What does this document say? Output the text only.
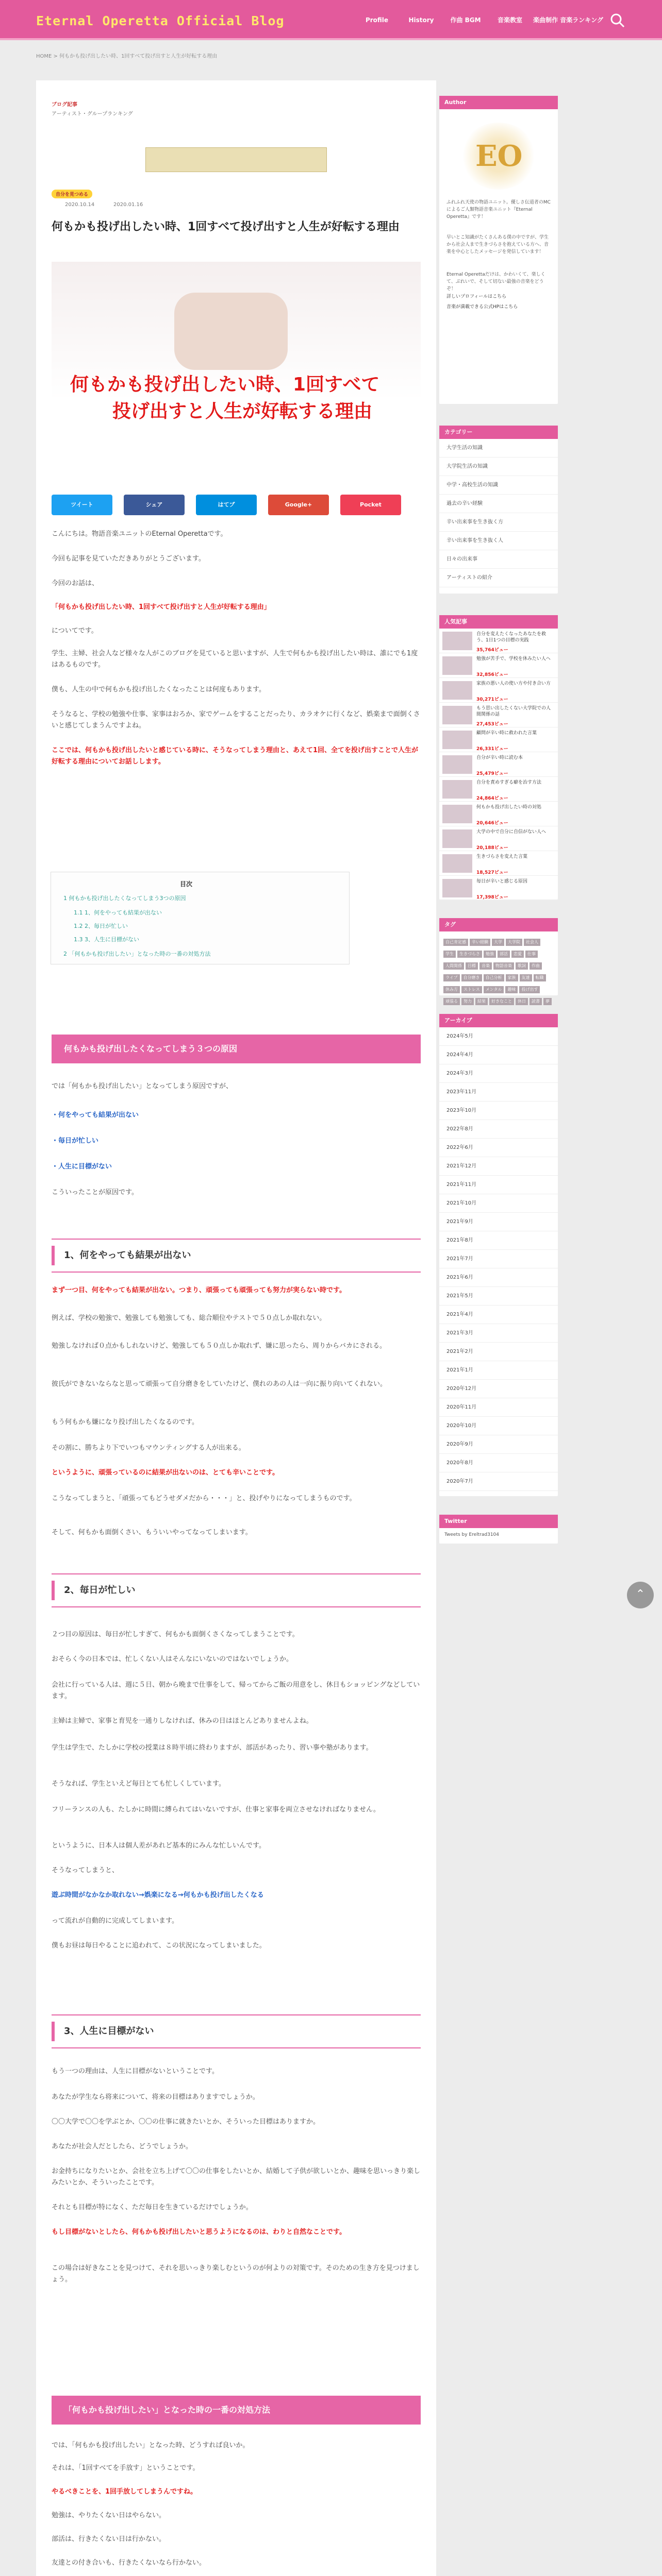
Eternal Operetta Official Blog	Profile	History	作曲 BGM	音楽教室	楽曲制作 音楽ランキング
HOME > 何もかも投げ出したい時、1回すべて投げ出すと人生が好転する理由
ブログ記事
アーティスト・グループランキング
自分を見つめる
2020.10.14	2020.01.16
何もかも投げ出したい時、1回すべて投げ出すと人生が好転する理由
何もかも投げ出したい時、1回すべて
投げ出すと人生が好転する理由
ツイート	シェア	はてブ	Google+	Pocket
こんにちは。物語音楽ユニットのEternal Operettaです。
今回も記事を見ていただきありがとうございます。
今回のお話は、
「何もかも投げ出したい時、1回すべて投げ出すと人生が好転する理由」
についてです。
学生、主婦、社会人など様々な人がこのブログを見ていると思いますが、人生で何もかも投げ出したい時は、誰にでも1度はあるものです。
僕も、人生の中で何もかも投げ出したくなったことは何度もあります。
そうなると、学校の勉強や仕事、家事はおろか、家でゲームをすることだったり、カラオケに行くなど、娯楽まで面倒くさいと感じてしまうんですよね。
ここでは、何もかも投げ出したいと感じている時に、そうなってしまう理由と、あえて1回、全てを投げ出すことで人生が好転する理由についてお話しします。
目次
1 何もかも投げ出したくなってしまう3つの原因
1.1 1、何をやっても結果が出ない
1.2 2、毎日が忙しい
1.3 3、人生に目標がない
2 「何もかも投げ出したい」となった時の一番の対処方法
何もかも投げ出したくなってしまう３つの原因
では「何もかも投げ出したい」となってしまう原因ですが、
・何をやっても結果が出ない
・毎日が忙しい
・人生に目標がない
こういったことが原因です。
1、何をやっても結果が出ない
まず一つ目、何をやっても結果が出ない。つまり、頑張っても頑張っても努力が実らない時です。
例えば、学校の勉強で、勉強しても勉強しても、総合順位やテストで５０点しか取れない。
勉強しなければ０点かもしれないけど、勉強しても５０点しか取れず、嫌に思ったら、周りからバカにされる。
彼氏ができないならなと思って頑張って自分磨きをしていたけど、僕れのあの人は一向に振り向いてくれない。
もう何もかも嫌になり投げ出したくなるのです。
その割に、勝ちより下でいつもマウンティングする人が出来る。
というように、頑張っているのに結果が出ないのは、とても辛いことです。
こうなってしまうと、「頑張ってもどうせダメだから・・・」と、投げやりになってしまうものです。
そして、何もかも面倒くさい、もういいやってなってしまいます。
2、毎日が忙しい
２つ目の原因は、毎日が忙しすぎて、何もかも面倒くさくなってしまうことです。
おそらく今の日本では、忙しくない人はそんなにいないのではないでしょうか。
会社に行っている人は、週に５日、朝から晩まで仕事をして、帰ってからご飯の用意をし、休日もショッピングなどしています。
主婦は主婦で、家事と育児を一通りしなければ、休みの日はほとんどありませんよね。
学生は学生で、たしかに学校の授業は８時半頃に終わりますが、部活があったり、習い事や塾があります。
そうなれば、学生といえど毎日とても忙しくしています。
フリーランスの人も、たしかに時間に縛られてはいないですが、仕事と家事を両立させなければなりません。
というように、日本人は個人差があれど基本的にみんな忙しいんです。
そうなってしまうと、
遊ぶ時間がなかなか取れない→娯楽になる→何もかも投げ出したくなる
って流れが自動的に完成してしまいます。
僕もお昼は毎日やることに追われて、この状況になってしまいました。
3、人生に目標がない
もう一つの理由は、人生に目標がないということです。
あなたが学生なら将来について、将来の目標はありますでしょうか。
〇〇大学で〇〇を学ぶとか、〇〇の仕事に就きたいとか、そういった目標はありますか。
あなたが社会人だとしたら、どうでしょうか。
お金持ちになりたいとか、会社を立ち上げて〇〇の仕事をしたいとか、結婚して子供が欲しいとか、趣味を思いっきり楽しみたいとか、そういったことです。
それとも目標が特になく、ただ毎日を生きているだけでしょうか。
もし目標がないとしたら、何もかも投げ出したいと思うようになるのは、わりと自然なことです。
この場合は好きなことを見つけて、それを思いっきり楽しむというのが何よりの対策です。そのための生き方を見つけましょう。
「何もかも投げ出したい」となった時の一番の対処方法
では、「何もかも投げ出したい」となった時、どうすれば良いか。
それは、「1回すべてを手放す」ということです。
やるべきことを、1回手放してしまうんですね。
勉強は、やりたくない日はやらない。
部活は、行きたくない日は行かない。
友達との付き合いも、行きたくないなら行かない。
Author
EO
ふれふれ天使の物語ユニット。優しさ伝道者のMCによるご人類物語音楽ユニット『Eternal Operetta』です！
早いとこ知識がたくさんある僕の中ですが、学生から社会人まで生きづらさを抱えている方へ、音楽を中心としたメッセージを発信しています！
Eternal Operettaだけは、かわいくて、楽しくて、ぶれいで、そして切ない最強の音楽をどうぞ！
詳しいプロフィールはこちら
音楽が満載できる公式HPはこちら
カテゴリー
大学生活の知識
大学院生活の知識
中学・高校生活の知識
過去の辛い経験
辛い出来事を生き抜く方
辛い出来事を生き抜く人
日々の出来事
アーティストの紹介
人気記事
自分を変えたくなったあなたを救う、1日1つの目標の実践
35,764ビュー
勉強が苦手で、学校を休みたい人へ
32,856ビュー
家族の悪い人の使い方や付き合い方
30,271ビュー
もう思い出したくない大学院での人間関係の話
27,453ビュー
顧問が辛い時に救われた言葉
26,331ビュー
自分が辛い時に読む本
25,479ビュー
自分を責めすぎる癖を治す方法
24,864ビュー
何もかも投げ出したい時の対処
20,646ビュー
大学の中で自分に自信がない人へ
20,188ビュー
生きづらさを変えた言葉
18,527ビュー
毎日が辛いと感じる原因
17,398ビュー
タグ
自己肯定感 辛い経験 大学 大学院 社会人学生 生きづらさ 勉強 部活 恋愛 仕事人間関係 目標 音楽 物語音楽 歌詞 作曲ライブ 自分磨き 自己分析 家族 友達 転職休み方 ストレス メンタル 趣味 投げ出す頑張る 努力 結果 好きなこと 休日 読書 夢
アーカイブ
2024年5月
2024年4月
2024年3月
2023年11月
2023年10月
2022年8月
2022年6月
2021年12月
2021年11月
2021年10月
2021年9月
2021年8月
2021年7月
2021年6月
2021年5月
2021年4月
2021年3月
2021年2月
2021年1月
2020年12月
2020年11月
2020年10月
2020年9月
2020年8月
2020年7月
Twitter
Tweets by Ereltrad3104
⌃
